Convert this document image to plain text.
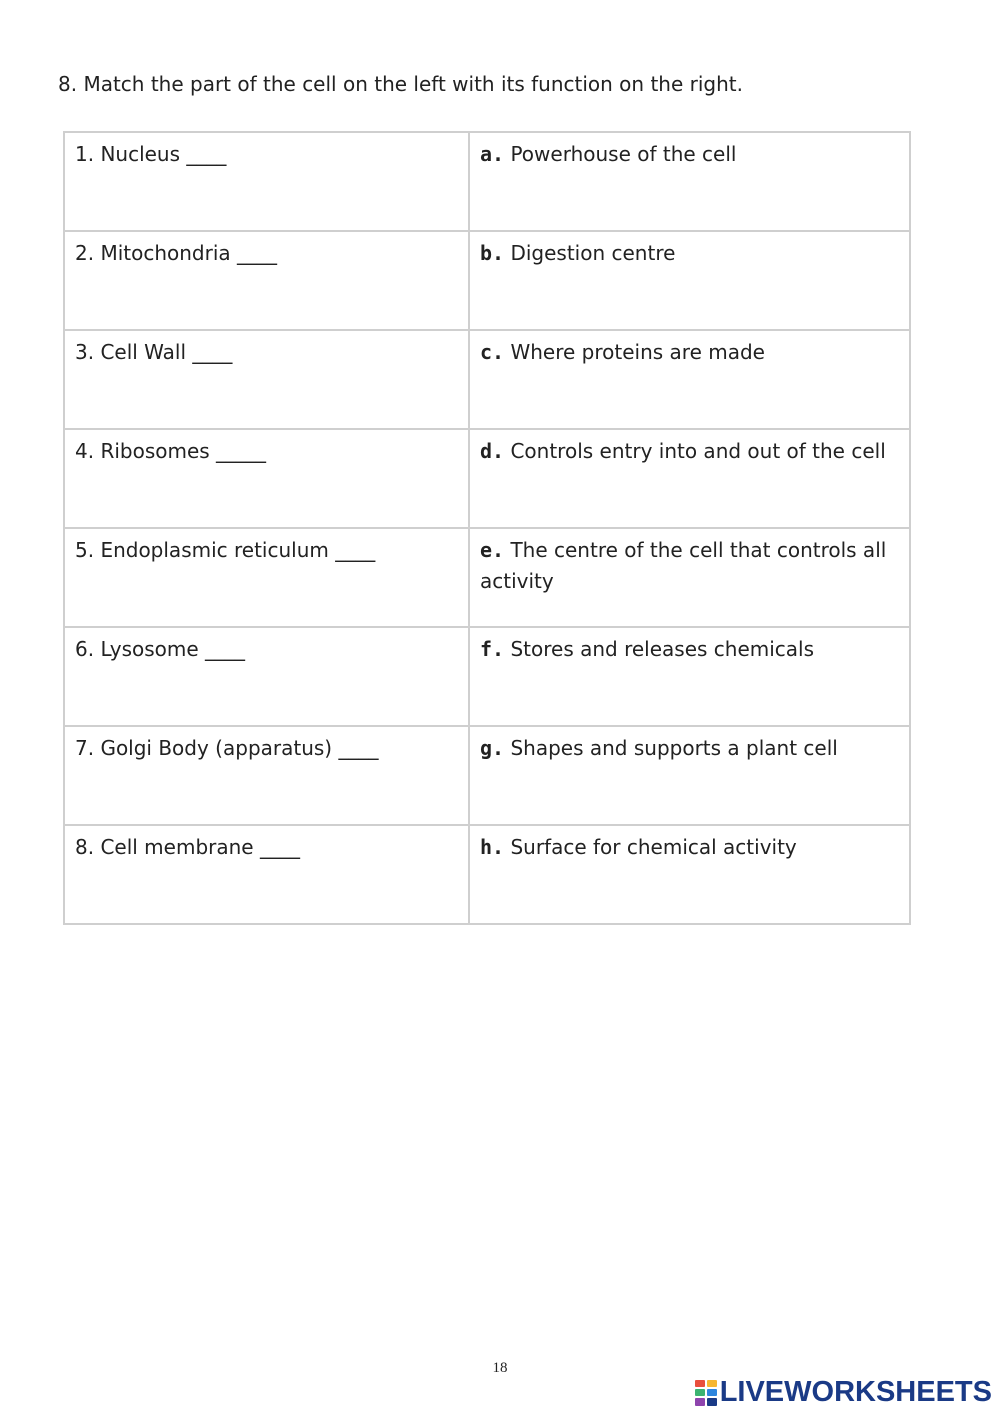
8. Match the part of the cell on the left with its function on the right.
1. Nucleus ____	a. Powerhouse of the cell
2. Mitochondria ____	b. Digestion centre
3. Cell Wall ____	c. Where proteins are made
4. Ribosomes _____	d. Controls entry into and out of the cell
5. Endoplasmic reticulum ____	e. The centre of the cell that controls all activity
6. Lysosome ____	f. Stores and releases chemicals
7. Golgi Body (apparatus) ____	g. Shapes and supports a plant cell
8. Cell membrane ____	h. Surface for chemical activity
18
LIVEWORKSHEETS
